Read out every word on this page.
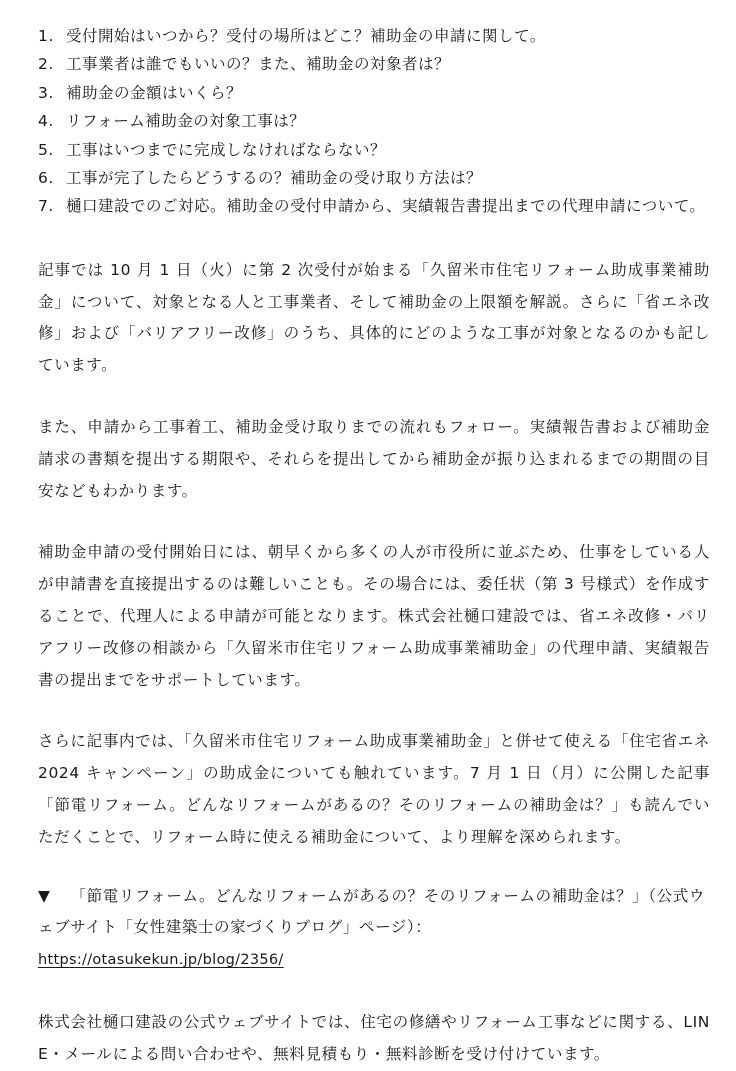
1. 受付開始はいつから？受付の場所はどこ？補助金の申請に関して。
2. 工事業者は誰でもいいの？また、補助金の対象者は？
3. 補助金の金額はいくら？
4. リフォーム補助金の対象工事は？
5. 工事はいつまでに完成しなければならない？
6. 工事が完了したらどうするの？補助金の受け取り方法は？
7. 樋口建設でのご対応。補助金の受付申請から、実績報告書提出までの代理申請について。

記事では 10 月 1 日（火）に第 2 次受付が始まる「久留米市住宅リフォーム助成事業補助金」について、対象となる人と工事業者、そして補助金の上限額を解説。さらに「省エネ改修」および「バリアフリー改修」のうち、具体的にどのような工事が対象となるのかも記しています。

また、申請から工事着工、補助金受け取りまでの流れもフォロー。実績報告書および補助金請求の書類を提出する期限や、それらを提出してから補助金が振り込まれるまでの期間の目安などもわかります。

補助金申請の受付開始日には、朝早くから多くの人が市役所に並ぶため、仕事をしている人が申請書を直接提出するのは難しいことも。その場合には、委任状（第 3 号様式）を作成することで、代理人による申請が可能となります。株式会社樋口建設では、省エネ改修・バリアフリー改修の相談から「久留米市住宅リフォーム助成事業補助金」の代理申請、実績報告書の提出までをサポートしています。

さらに記事内では、「久留米市住宅リフォーム助成事業補助金」と併せて使える「住宅省エネ 2024 キャンペーン」の助成金についても触れています。7 月 1 日（月）に公開した記事「節電リフォーム。どんなリフォームがあるの？そのリフォームの補助金は？」も読んでいただくことで、リフォーム時に使える補助金について、より理解を深められます。

▼ 「節電リフォーム。どんなリフォームがあるの？そのリフォームの補助金は？」（公式ウェブサイト「女性建築士の家づくりブログ」ページ）：
https://otasukekun.jp/blog/2356/

株式会社樋口建設の公式ウェブサイトでは、住宅の修繕やリフォーム工事などに関する、LINE・メールによる問い合わせや、無料見積もり・無料診断を受け付けています。
